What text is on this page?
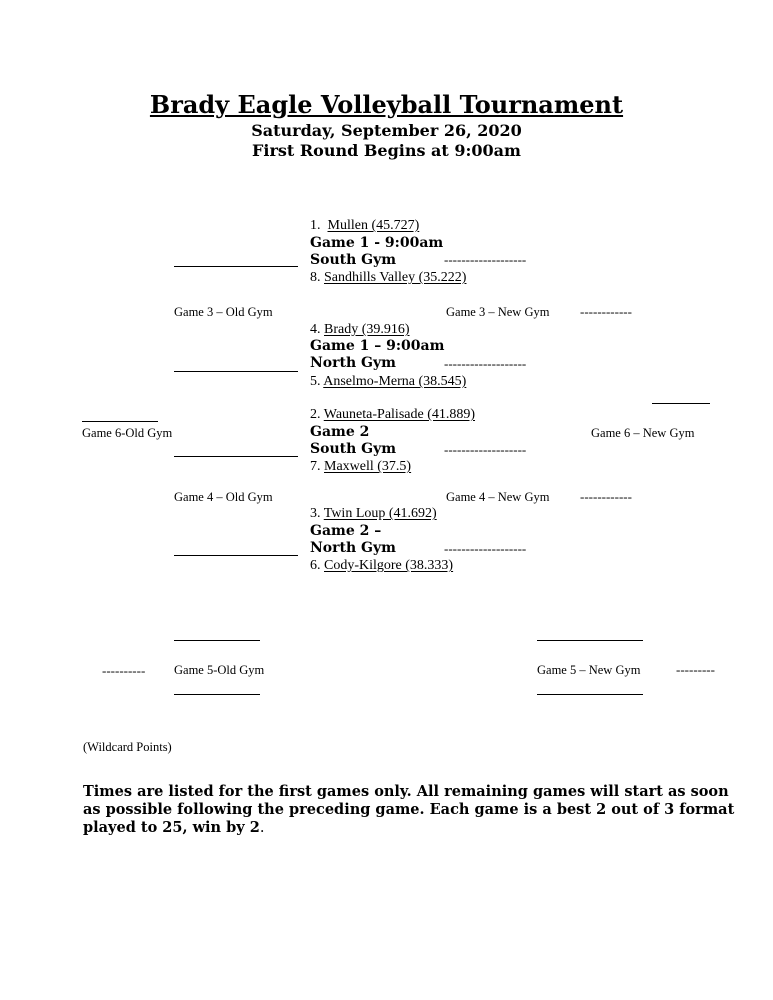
Brady Eagle Volleyball Tournament
Saturday, September 26, 2020
First Round Begins at 9:00am
1. Mullen (45.727)
Game 1 - 9:00am
South Gym	-------------------
8. Sandhills Valley (35.222)
Game 3 – Old Gym	Game 3 – New Gym ------------
4. Brady (39.916)
Game 1 – 9:00am
North Gym	-------------------
5. Anselmo-Merna (38.545)
Game 6-Old Gym	Game 6 – New Gym
2. Wauneta-Palisade (41.889)
Game 2
South Gym	-------------------
7. Maxwell (37.5)
Game 4 – Old Gym	Game 4 – New Gym ------------
3. Twin Loup (41.692)
Game 2 –
North Gym	-------------------
6. Cody-Kilgore (38.333)
---------- Game 5-Old Gym	Game 5 – New Gym	---------
(Wildcard Points)
Times are listed for the first games only. All remaining games will start as soon as possible following the preceding game. Each game is a best 2 out of 3 format played to 25, win by 2.
